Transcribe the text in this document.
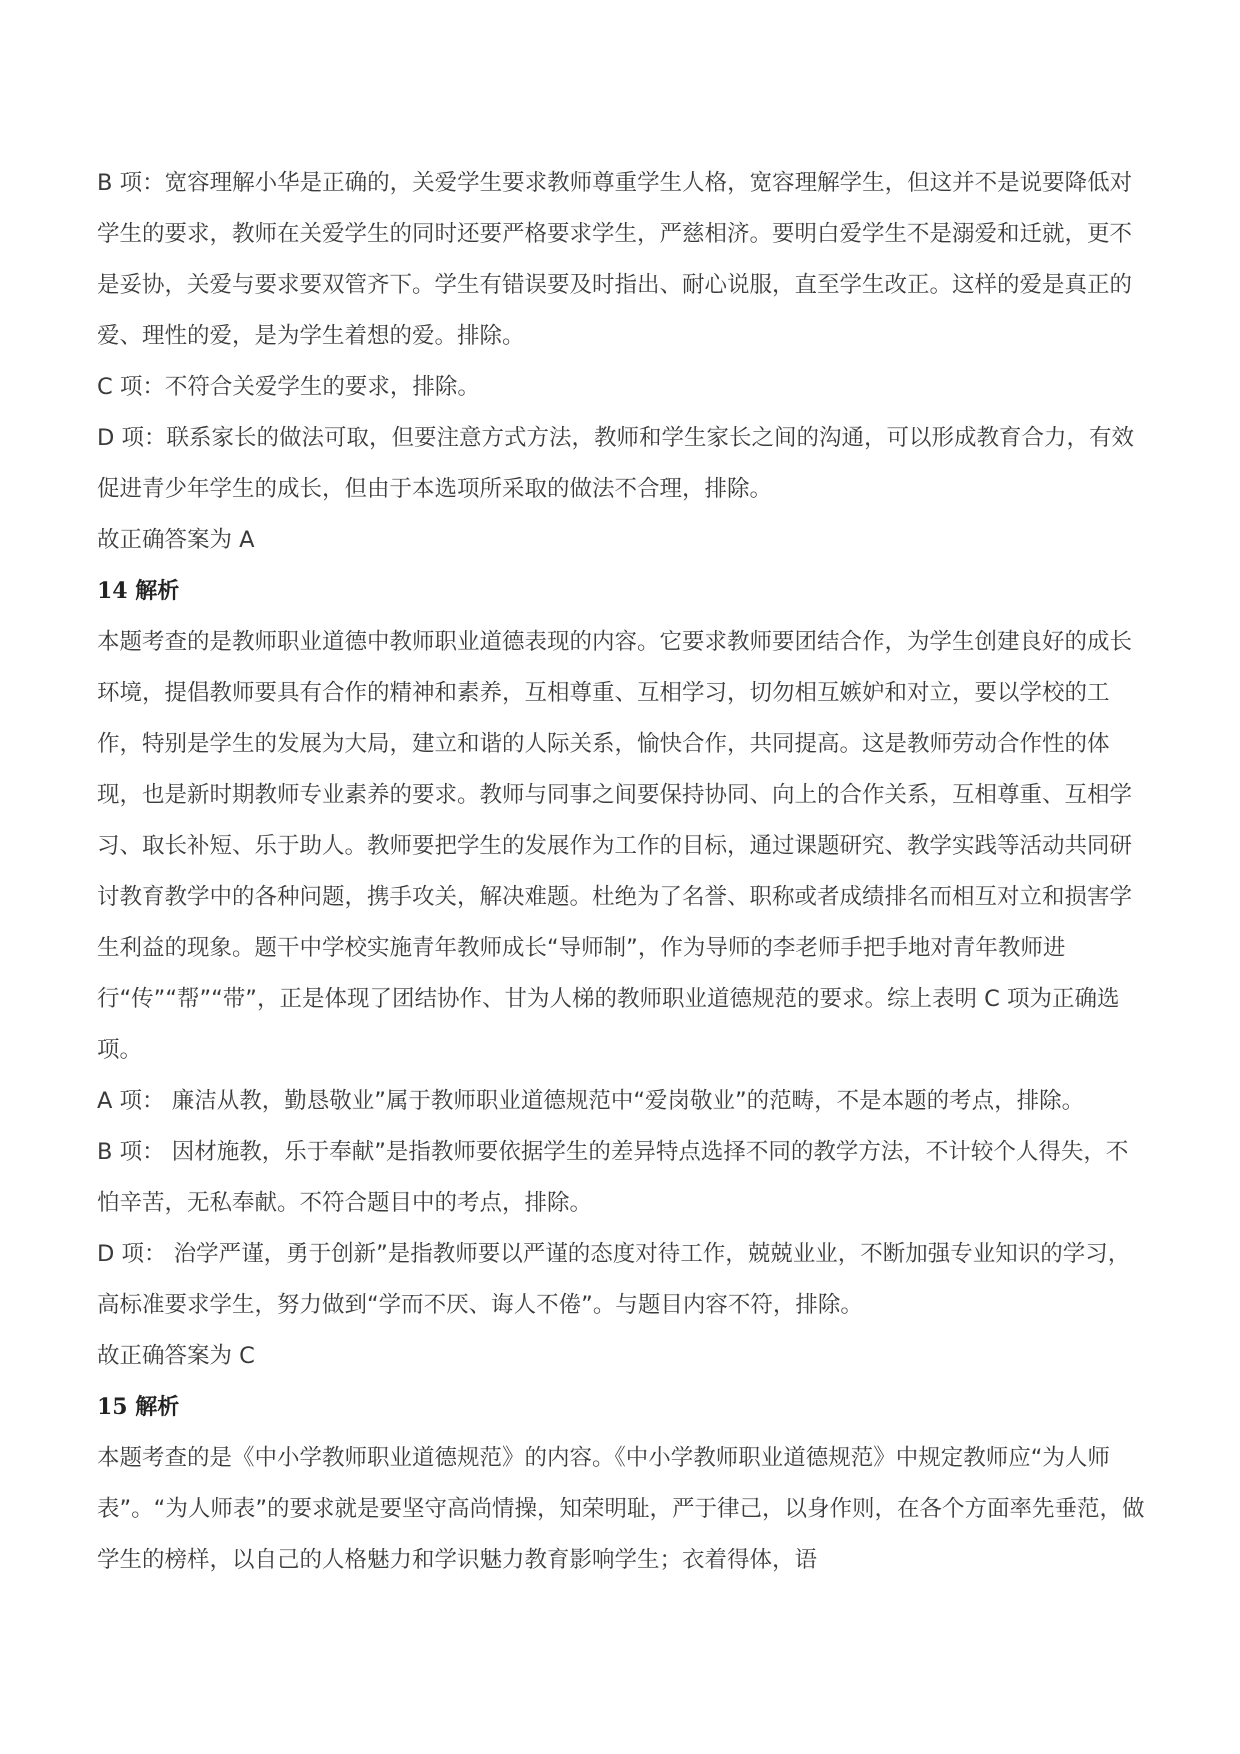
B 项：宽容理解小华是正确的，关爱学生要求教师尊重学生人格，宽容理解学生，但这并不是说要降低对学生的要求，教师在关爱学生的同时还要严格要求学生，严慈相济。要明白爱学生不是溺爱和迁就，更不是妥协，关爱与要求要双管齐下。学生有错误要及时指出、耐心说服，直至学生改正。这样的爱是真正的爱、理性的爱，是为学生着想的爱。排除。

C 项：不符合关爱学生的要求，排除。

D 项：联系家长的做法可取，但要注意方式方法，教师和学生家长之间的沟通，可以形成教育合力，有效促进青少年学生的成长，但由于本选项所采取的做法不合理，排除。

故正确答案为 A

14 解析

本题考查的是教师职业道德中教师职业道德表现的内容。它要求教师要团结合作，为学生创建良好的成长环境，提倡教师要具有合作的精神和素养，互相尊重、互相学习，切勿相互嫉妒和对立，要以学校的工作，特别是学生的发展为大局，建立和谐的人际关系，愉快合作，共同提高。这是教师劳动合作性的体现，也是新时期教师专业素养的要求。教师与同事之间要保持协同、向上的合作关系，互相尊重、互相学习、取长补短、乐于助人。教师要把学生的发展作为工作的目标，通过课题研究、教学实践等活动共同研讨教育教学中的各种问题，携手攻关，解决难题。杜绝为了名誉、职称或者成绩排名而相互对立和损害学生利益的现象。题干中学校实施青年教师成长“导师制”，作为导师的李老师手把手地对青年教师进行“传”“帮”“带”，正是体现了团结协作、甘为人梯的教师职业道德规范的要求。综上表明 C 项为正确选项。

A 项： 廉洁从教，勤恳敬业”属于教师职业道德规范中“爱岗敬业”的范畴，不是本题的考点，排除。

B 项： 因材施教，乐于奉献”是指教师要依据学生的差异特点选择不同的教学方法，不计较个人得失，不怕辛苦，无私奉献。不符合题目中的考点，排除。

D 项： 治学严谨，勇于创新”是指教师要以严谨的态度对待工作，兢兢业业，不断加强专业知识的学习，高标准要求学生，努力做到“学而不厌、诲人不倦”。与题目内容不符，排除。

故正确答案为 C

15 解析

本题考查的是《中小学教师职业道德规范》的内容。《中小学教师职业道德规范》中规定教师应“为人师表”。“为人师表”的要求就是要坚守高尚情操，知荣明耻，严于律己，以身作则，在各个方面率先垂范，做学生的榜样，以自己的人格魅力和学识魅力教育影响学生；衣着得体，语
